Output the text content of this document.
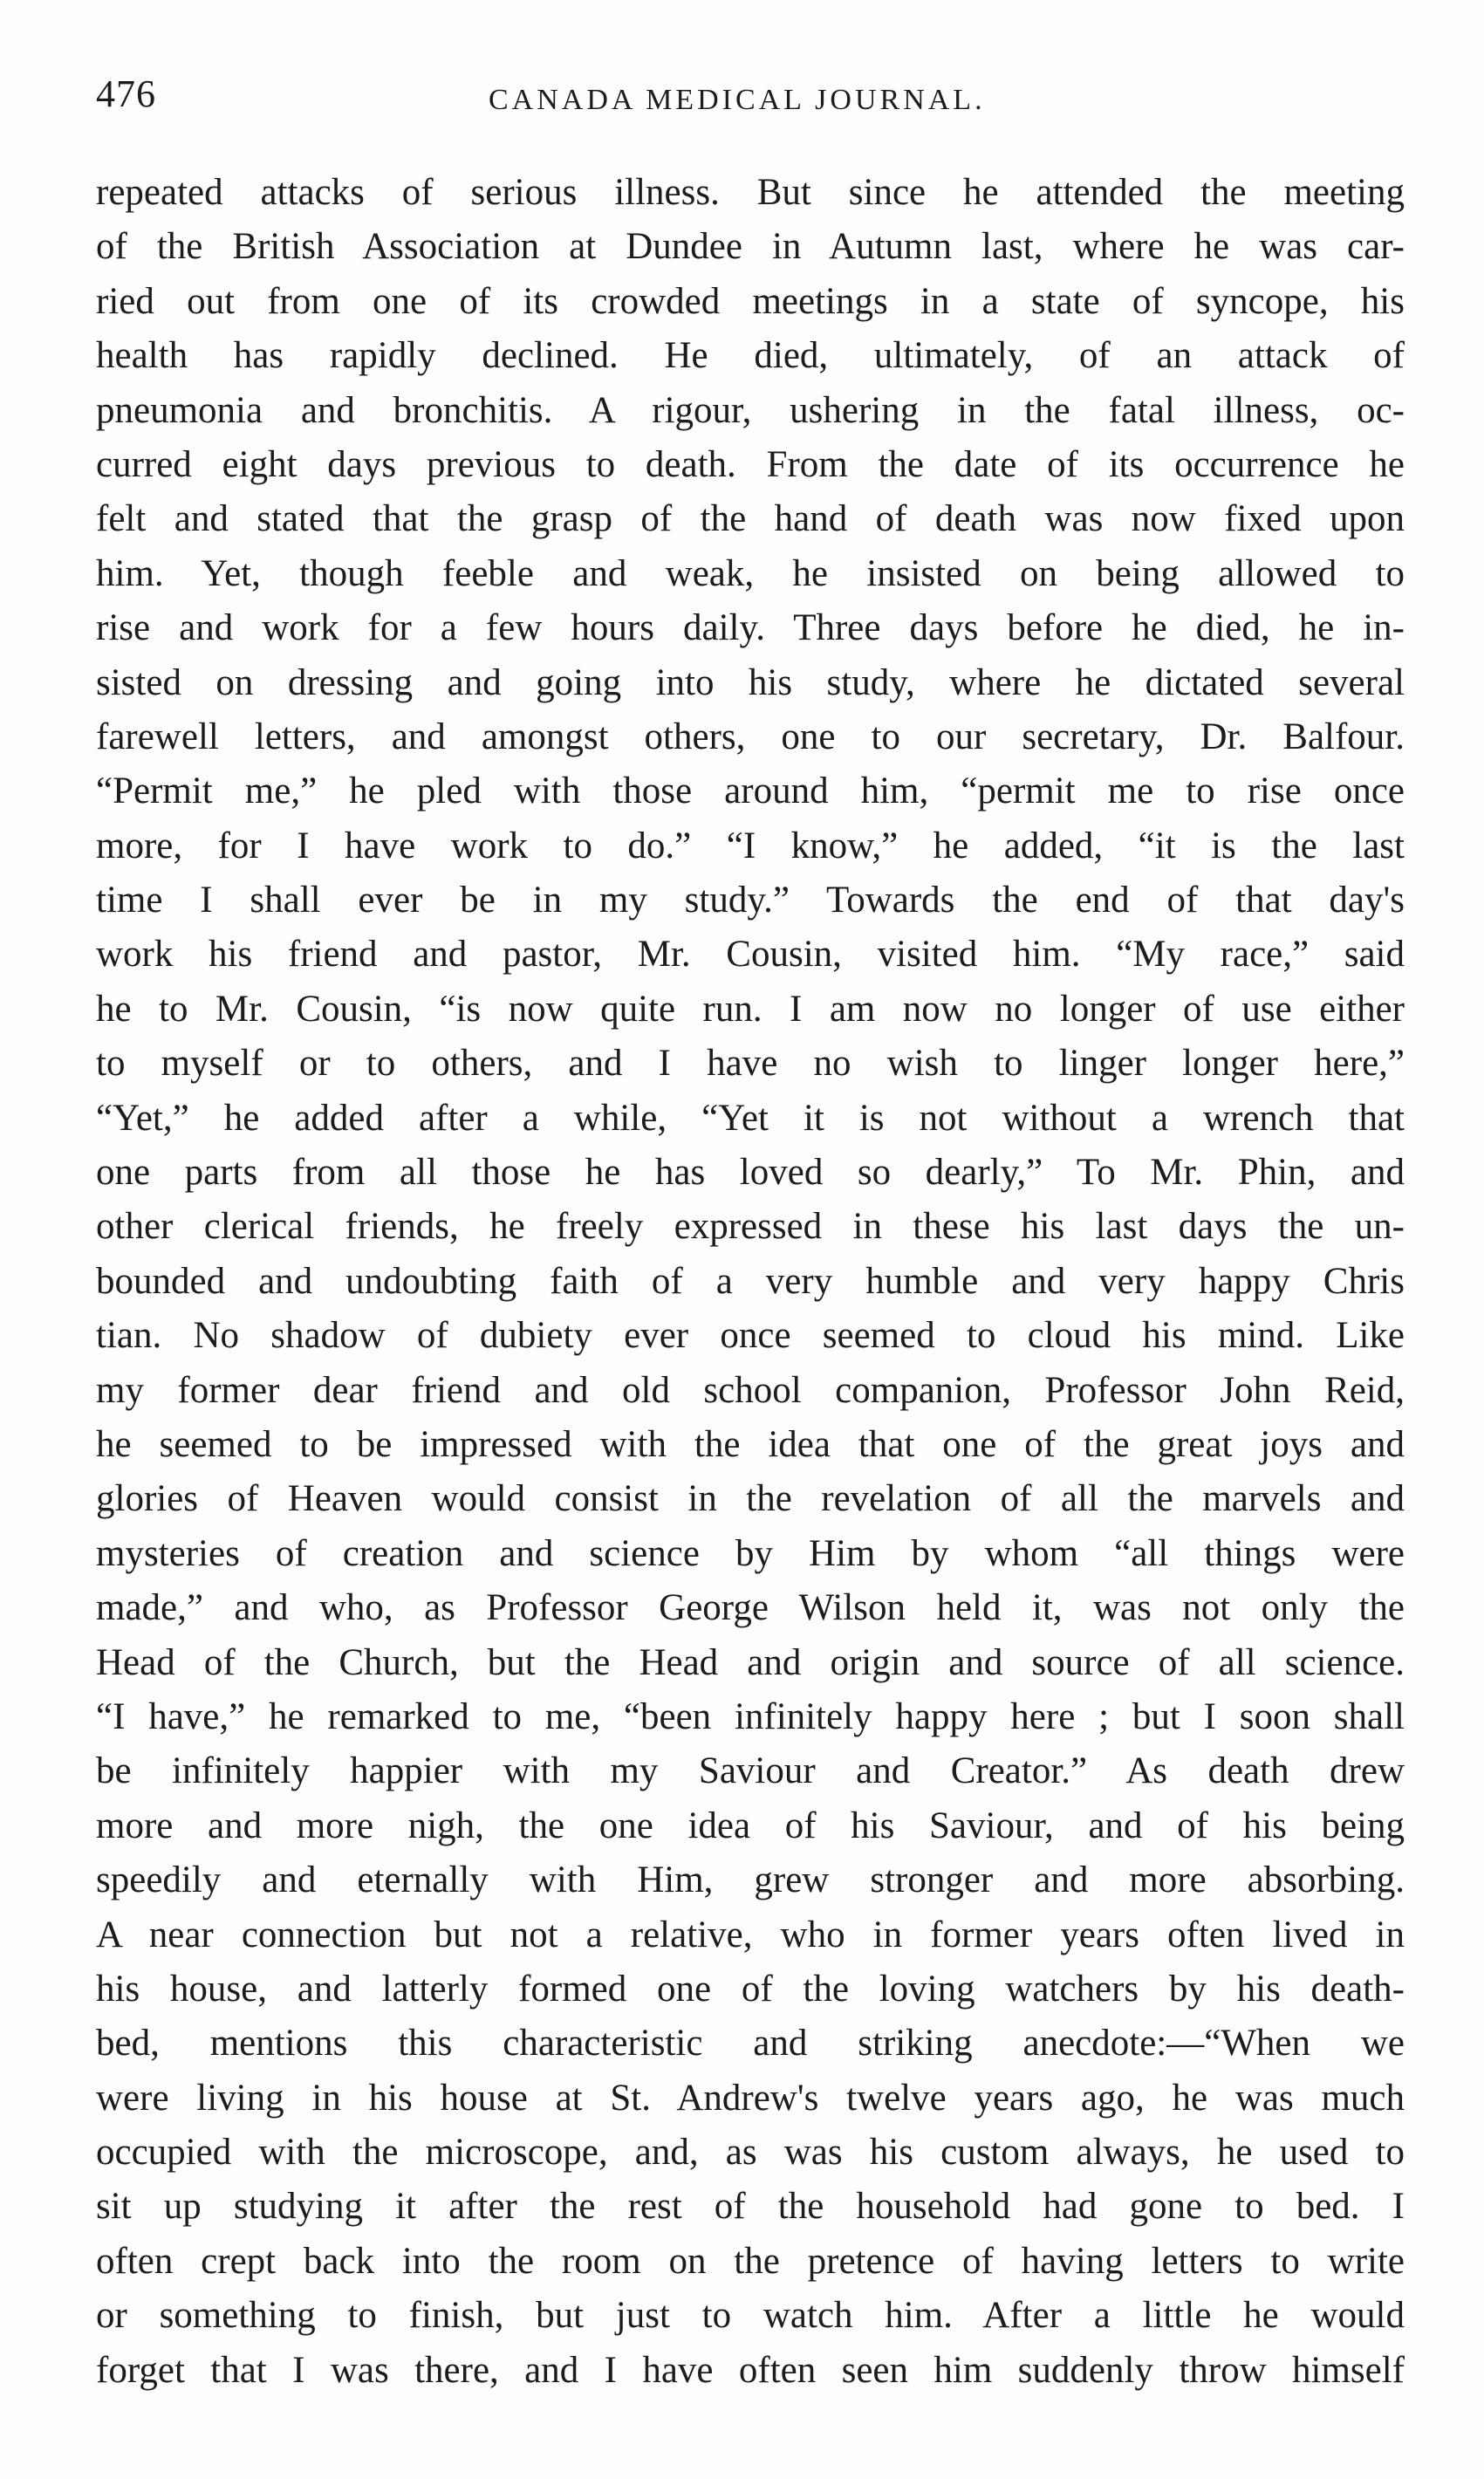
476	CANADA MEDICAL JOURNAL.
repeated attacks of serious illness. But since he attended the meeting
of the British Association at Dundee in Autumn last, where he was car-
ried out from one of its crowded meetings in a state of syncope, his
health has rapidly declined. He died, ultimately, of an attack of
pneumonia and bronchitis. A rigour, ushering in the fatal illness, oc-
curred eight days previous to death. From the date of its occurrence he
felt and stated that the grasp of the hand of death was now fixed upon
him. Yet, though feeble and weak, he insisted on being allowed to
rise and work for a few hours daily. Three days before he died, he in-
sisted on dressing and going into his study, where he dictated several
farewell letters, and amongst others, one to our secretary, Dr. Balfour.
“Permit me,” he pled with those around him, “permit me to rise once
more, for I have work to do.” “I know,” he added, “it is the last
time I shall ever be in my study.” Towards the end of that day's
work his friend and pastor, Mr. Cousin, visited him. “My race,” said
he to Mr. Cousin, “is now quite run. I am now no longer of use either
to myself or to others, and I have no wish to linger longer here,”
“Yet,” he added after a while, “Yet it is not without a wrench that
one parts from all those he has loved so dearly,” To Mr. Phin, and
other clerical friends, he freely expressed in these his last days the un-
bounded and undoubting faith of a very humble and very happy Chris
tian. No shadow of dubiety ever once seemed to cloud his mind. Like
my former dear friend and old school companion, Professor John Reid,
he seemed to be impressed with the idea that one of the great joys and
glories of Heaven would consist in the revelation of all the marvels and
mysteries of creation and science by Him by whom “all things were
made,” and who, as Professor George Wilson held it, was not only the
Head of the Church, but the Head and origin and source of all science.
“I have,” he remarked to me, “been infinitely happy here ; but I soon shall
be infinitely happier with my Saviour and Creator.” As death drew
more and more nigh, the one idea of his Saviour, and of his being
speedily and eternally with Him, grew stronger and more absorbing.
A near connection but not a relative, who in former years often lived in
his house, and latterly formed one of the loving watchers by his death-
bed, mentions this characteristic and striking anecdote:—“When we
were living in his house at St. Andrew's twelve years ago, he was much
occupied with the microscope, and, as was his custom always, he used to
sit up studying it after the rest of the household had gone to bed. I
often crept back into the room on the pretence of having letters to write
or something to finish, but just to watch him. After a little he would
forget that I was there, and I have often seen him suddenly throw himself
